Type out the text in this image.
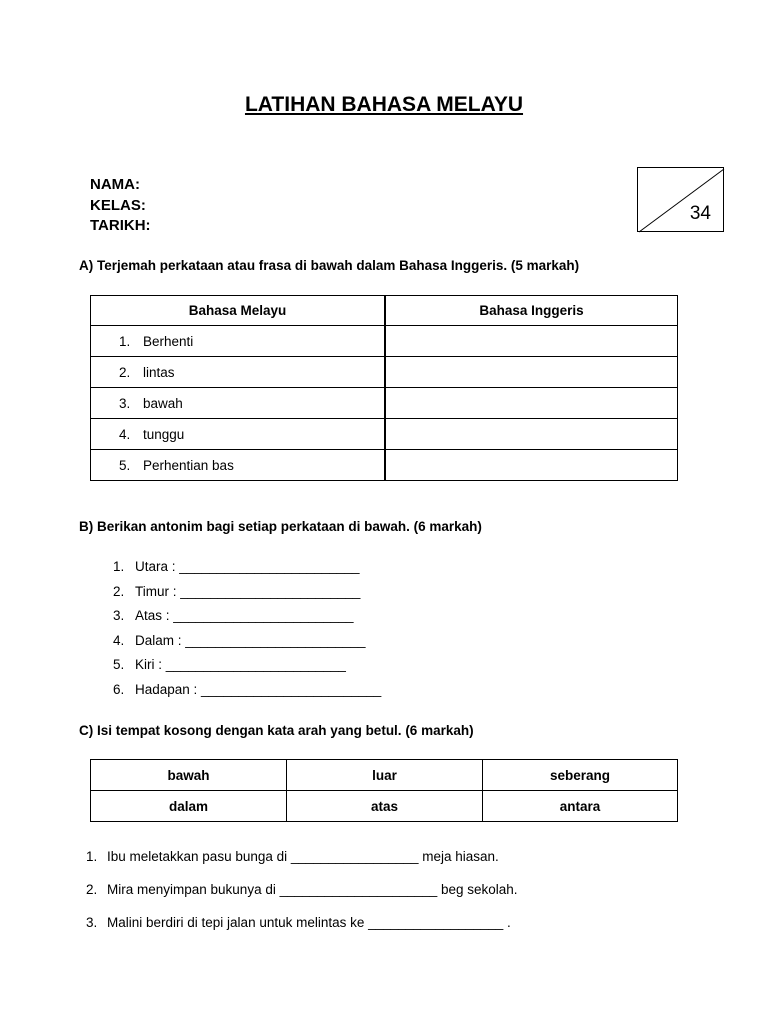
LATIHAN BAHASA MELAYU
NAMA:
KELAS:
TARIKH:
34
A) Terjemah perkataan atau frasa di bawah dalam Bahasa Inggeris. (5 markah)
Bahasa Melayu	Bahasa Inggeris
1. Berhenti	
2. lintas	
3. bawah	
4. tunggu	
5. Perhentian bas	
B) Berikan antonim bagi setiap perkataan di bawah. (6 markah)
1. Utara : ________________________
2. Timur : ________________________
3. Atas : ________________________
4. Dalam : ________________________
5. Kiri : ________________________
6. Hadapan : ________________________
C) Isi tempat kosong dengan kata arah yang betul. (6 markah)
bawah	luar	seberang
dalam	atas	antara
1. Ibu meletakkan pasu bunga di _________________ meja hiasan.
2. Mira menyimpan bukunya di _____________________ beg sekolah.
3. Malini berdiri di tepi jalan untuk melintas ke __________________ .
